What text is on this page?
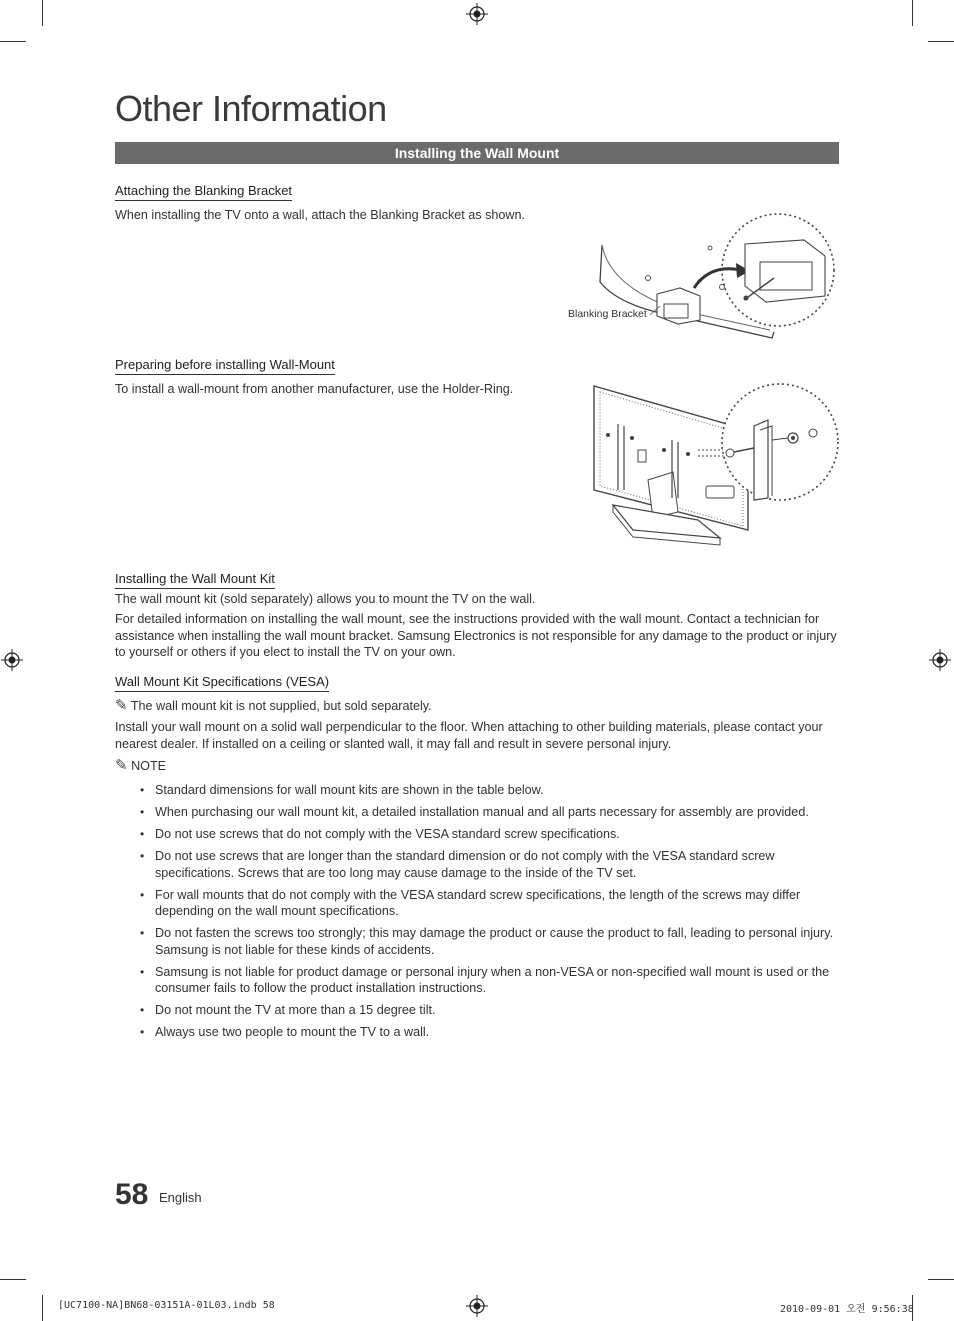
Other Information
Installing the Wall Mount
Attaching the Blanking Bracket
When installing the TV onto a wall, attach the Blanking Bracket as shown.
Blanking Bracket
Preparing before installing Wall-Mount
To install a wall-mount from another manufacturer, use the Holder-Ring.
Installing the Wall Mount Kit
The wall mount kit (sold separately) allows you to mount the TV on the wall.
For detailed information on installing the wall mount, see the instructions provided with the wall mount. Contact a technician for assistance when installing the wall mount bracket. Samsung Electronics is not responsible for any damage to the product or injury to yourself or others if you elect to install the TV on your own.
Wall Mount Kit Specifications (VESA)
✎ The wall mount kit is not supplied, but sold separately.
Install your wall mount on a solid wall perpendicular to the floor. When attaching to other building materials, please contact your nearest dealer. If installed on a ceiling or slanted wall, it may fall and result in severe personal injury.
✎ NOTE
• Standard dimensions for wall mount kits are shown in the table below.
• When purchasing our wall mount kit, a detailed installation manual and all parts necessary for assembly are provided.
• Do not use screws that do not comply with the VESA standard screw specifications.
• Do not use screws that are longer than the standard dimension or do not comply with the VESA standard screw specifications. Screws that are too long may cause damage to the inside of the TV set.
• For wall mounts that do not comply with the VESA standard screw specifications, the length of the screws may differ depending on the wall mount specifications.
• Do not fasten the screws too strongly; this may damage the product or cause the product to fall, leading to personal injury. Samsung is not liable for these kinds of accidents.
• Samsung is not liable for product damage or personal injury when a non-VESA or non-specified wall mount is used or the consumer fails to follow the product installation instructions.
• Do not mount the TV at more than a 15 degree tilt.
• Always use two people to mount the TV to a wall.
58 English
[UC7100-NA]BN68-03151A-01L03.indb 58	2010-09-01 오전 9:56:38
